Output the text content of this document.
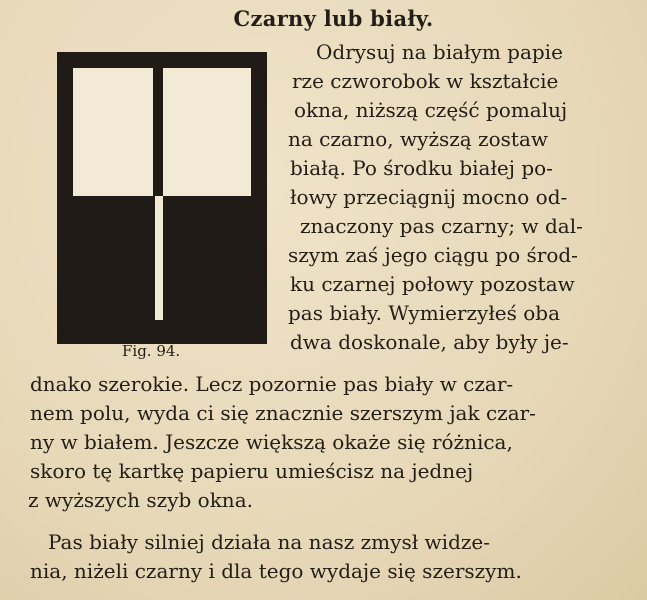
Czarny lub biały.
Fig. 94.
Odrysuj na białym papie
rze czworobok w kształcie
okna, niższą część pomaluj
na czarno, wyższą zostaw
białą. Po środku białej po-
łowy przeciągnij mocno od-
znaczony pas czarny; w dal-
szym zaś jego ciągu po środ-
ku czarnej połowy pozostaw
pas biały. Wymierzyłeś oba
dwa doskonale, aby były je-
dnako szerokie. Lecz pozornie pas biały w czar-
nem polu, wyda ci się znacznie szerszym jak czar-
ny w białem. Jeszcze większą okaże się różnica,
skoro tę kartkę papieru umieścisz na jednej
z wyższych szyb okna.
Pas biały silniej działa na nasz zmysł widze-
nia, niżeli czarny i dla tego wydaje się szerszym.
